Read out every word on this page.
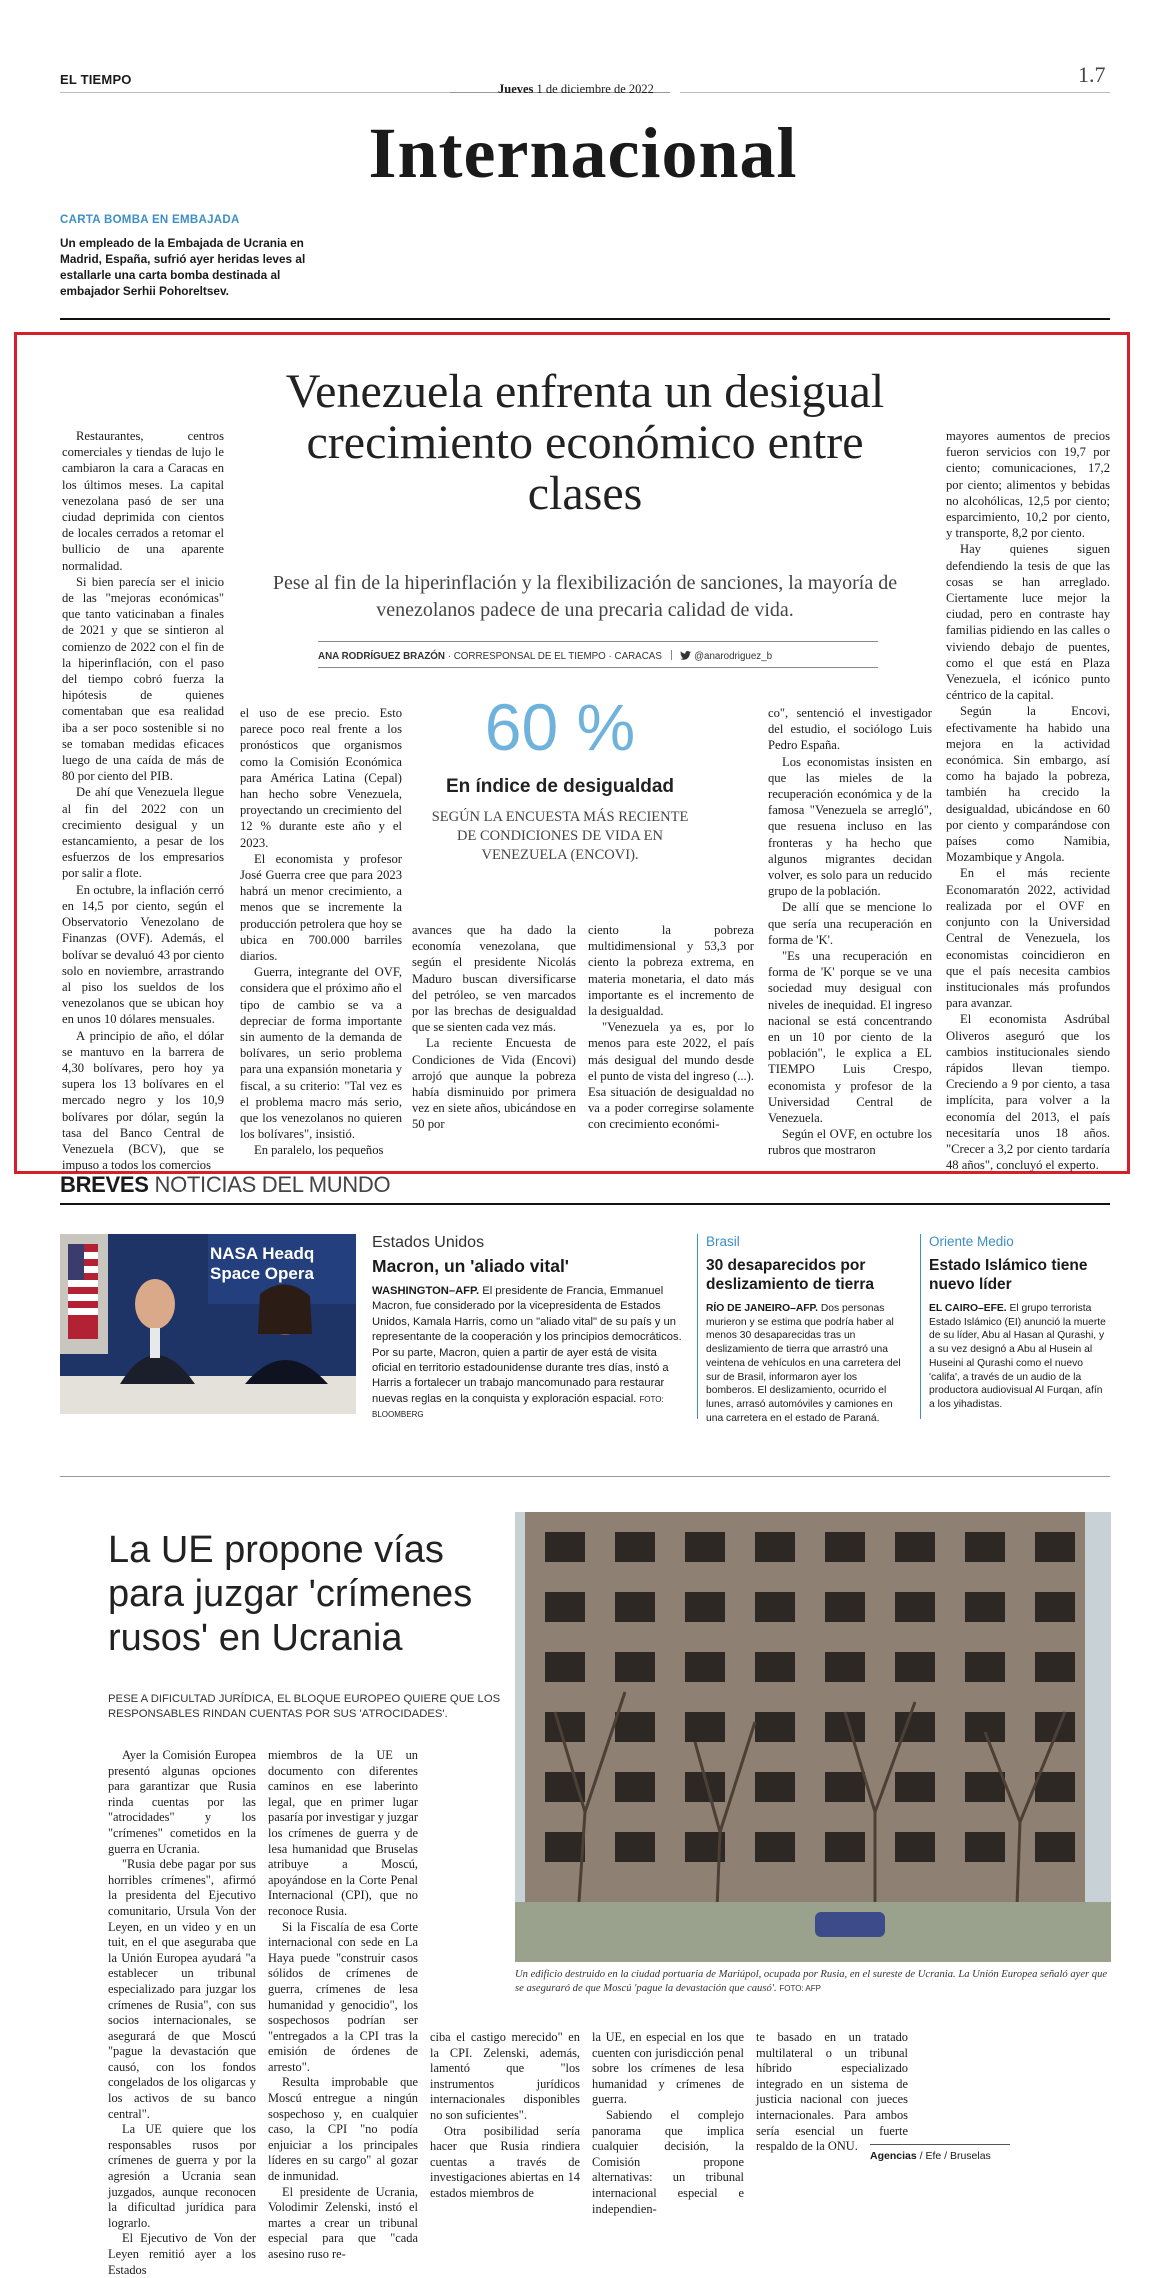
EL TIEMPO
Jueves 1 de diciembre de 2022
1.7
Internacional
CARTA BOMBA EN EMBAJADA
Un empleado de la Embajada de Ucrania en Madrid, España, sufrió ayer heridas leves al estallarle una carta bomba destinada al embajador Serhii Pohoreltsev.
Venezuela enfrenta un desigual crecimiento económico entre clases
Pese al fin de la hiperinflación y la flexibilización de sanciones, la mayoría de venezolanos padece de una precaria calidad de vida.
ANA RODRÍGUEZ BRAZÓN · CORRESPONSAL DE EL TIEMPO · CARACAS	@anarodriguez_b
60 %
En índice de desigualdad
SEGÚN LA ENCUESTA MÁS RECIENTE DE CONDICIONES DE VIDA EN VENEZUELA (ENCOVI).

Restaurantes, centros comerciales y tiendas de lujo le cambiaron la cara a Caracas en los últimos meses. La capital venezolana pasó de ser una ciudad deprimida con cientos de locales cerrados a retomar el bullicio de una aparente normalidad.

Si bien parecía ser el inicio de las "mejoras económicas" que tanto vaticinaban a finales de 2021 y que se sintieron al comienzo de 2022 con el fin de la hiperinflación, con el paso del tiempo cobró fuerza la hipótesis de quienes comentaban que esa realidad iba a ser poco sostenible si no se tomaban medidas eficaces luego de una caída de más de 80 por ciento del PIB.

De ahí que Venezuela llegue al fin del 2022 con un crecimiento desigual y un estancamiento, a pesar de los esfuerzos de los empresarios por salir a flote.

En octubre, la inflación cerró en 14,5 por ciento, según el Observatorio Venezolano de Finanzas (OVF). Además, el bolívar se devaluó 43 por ciento solo en noviembre, arrastrando al piso los sueldos de los venezolanos que se ubican hoy en unos 10 dólares mensuales.

A principio de año, el dólar se mantuvo en la barrera de 4,30 bolívares, pero hoy ya supera los 13 bolívares en el mercado negro y los 10,9 bolívares por dólar, según la tasa del Banco Central de Venezuela (BCV), que se impuso a todos los comercios

el uso de ese precio. Esto parece poco real frente a los pronósticos que organismos como la Comisión Económica para América Latina (Cepal) han hecho sobre Venezuela, proyectando un crecimiento del 12 % durante este año y el 2023.

El economista y profesor José Guerra cree que para 2023 habrá un menor crecimiento, a menos que se incremente la producción petrolera que hoy se ubica en 700.000 barriles diarios.

Guerra, integrante del OVF, considera que el próximo año el tipo de cambio se va a depreciar de forma importante sin aumento de la demanda de bolívares, un serio problema para una expansión monetaria y fiscal, a su criterio: "Tal vez es el problema macro más serio, que los venezolanos no quieren los bolívares", insistió.

En paralelo, los pequeños

avances que ha dado la economía venezolana, que según el presidente Nicolás Maduro buscan diversificarse del petróleo, se ven marcados por las brechas de desigualdad que se sienten cada vez más.

La reciente Encuesta de Condiciones de Vida (Encovi) arrojó que aunque la pobreza había disminuido por primera vez en siete años, ubicándose en 50 por

ciento la pobreza multidimensional y 53,3 por ciento la pobreza extrema, en materia monetaria, el dato más importante es el incremento de la desigualdad.

"Venezuela ya es, por lo menos para este 2022, el país más desigual del mundo desde el punto de vista del ingreso (...). Esa situación de desigualdad no va a poder corregirse solamente con crecimiento económi-

co", sentenció el investigador del estudio, el sociólogo Luis Pedro España.

Los economistas insisten en que las mieles de la recuperación económica y de la famosa "Venezuela se arregló", que resuena incluso en las fronteras y ha hecho que algunos migrantes decidan volver, es solo para un reducido grupo de la población.

De allí que se mencione lo que sería una recuperación en forma de 'K'.

"Es una recuperación en forma de 'K' porque se ve una sociedad muy desigual con niveles de inequidad. El ingreso nacional se está concentrando en un 10 por ciento de la población", le explica a EL TIEMPO Luis Crespo, economista y profesor de la Universidad Central de Venezuela.

Según el OVF, en octubre los rubros que mostraron

mayores aumentos de precios fueron servicios con 19,7 por ciento; comunicaciones, 17,2 por ciento; alimentos y bebidas no alcohólicas, 12,5 por ciento; esparcimiento, 10,2 por ciento, y transporte, 8,2 por ciento.

Hay quienes siguen defendiendo la tesis de que las cosas se han arreglado. Ciertamente luce mejor la ciudad, pero en contraste hay familias pidiendo en las calles o viviendo debajo de puentes, como el que está en Plaza Venezuela, el icónico punto céntrico de la capital.

Según la Encovi, efectivamente ha habido una mejora en la actividad económica. Sin embargo, así como ha bajado la pobreza, también ha crecido la desigualdad, ubicándose en 60 por ciento y comparándose con países como Namibia, Mozambique y Angola.

En el más reciente Economaratón 2022, actividad realizada por el OVF en conjunto con la Universidad Central de Venezuela, los economistas coincidieron en que el país necesita cambios institucionales más profundos para avanzar.

El economista Asdrúbal Oliveros aseguró que los cambios institucionales siendo rápidos llevan tiempo. Creciendo a 9 por ciento, a tasa implícita, para volver a la economía del 2013, el país necesitaría unos 18 años. "Crecer a 3,2 por ciento tardaría 48 años", concluyó el experto.

BREVES NOTICIAS DEL MUNDO
NASA Headq
Space Opera
Estados Unidos
Macron, un 'aliado vital'
WASHINGTON–AFP. El presidente de Francia, Emmanuel Macron, fue considerado por la vicepresidenta de Estados Unidos, Kamala Harris, como un "aliado vital" de su país y un representante de la cooperación y los principios democráticos. Por su parte, Macron, quien a partir de ayer está de visita oficial en territorio estadounidense durante tres días, instó a Harris a fortalecer un trabajo mancomunado para restaurar nuevas reglas en la conquista y exploración espacial. FOTO: BLOOMBERG
Brasil
30 desaparecidos por deslizamiento de tierra
RÍO DE JANEIRO–AFP. Dos personas murieron y se estima que podría haber al menos 30 desaparecidas tras un deslizamiento de tierra que arrastró una veintena de vehículos en una carretera del sur de Brasil, informaron ayer los bomberos. El deslizamiento, ocurrido el lunes, arrasó automóviles y camiones en una carretera en el estado de Paraná.
Oriente Medio
Estado Islámico tiene nuevo líder
EL CAIRO–EFE. El grupo terrorista Estado Islámico (EI) anunció la muerte de su líder, Abu al Hasan al Qurashi, y a su vez designó a Abu al Husein al Huseini al Qurashi como el nuevo 'califa', a través de un audio de la productora audiovisual Al Furqan, afín a los yihadistas.
La UE propone vías para juzgar 'crímenes rusos' en Ucrania
PESE A DIFICULTAD JURÍDICA, EL BLOQUE EUROPEO QUIERE QUE LOS RESPONSABLES RINDAN CUENTAS POR SUS 'ATROCIDADES'.
Un edificio destruido en la ciudad portuaria de Mariúpol, ocupada por Rusia, en el sureste de Ucrania. La Unión Europea señaló ayer que se aseguraró de que Moscú 'pague la devastación que causó'. FOTO: AFP

Ayer la Comisión Europea presentó algunas opciones para garantizar que Rusia rinda cuentas por las "atrocidades" y los "crímenes" cometidos en la guerra en Ucrania.

"Rusia debe pagar por sus horribles crímenes", afirmó la presidenta del Ejecutivo comunitario, Ursula Von der Leyen, en un video y en un tuit, en el que aseguraba que la Unión Europea ayudará "a establecer un tribunal especializado para juzgar los crímenes de Rusia", con sus socios internacionales, se asegurará de que Moscú "pague la devastación que causó, con los fondos congelados de los oligarcas y los activos de su banco central".

La UE quiere que los responsables rusos por crímenes de guerra y por la agresión a Ucrania sean juzgados, aunque reconocen la dificultad jurídica para lograrlo.

El Ejecutivo de Von der Leyen remitió ayer a los Estados

miembros de la UE un documento con diferentes caminos en ese laberinto legal, que en primer lugar pasaría por investigar y juzgar los crímenes de guerra y de lesa humanidad que Bruselas atribuye a Moscú, apoyándose en la Corte Penal Internacional (CPI), que no reconoce Rusia.

Si la Fiscalía de esa Corte internacional con sede en La Haya puede "construir casos sólidos de crímenes de guerra, crímenes de lesa humanidad y genocidio", los sospechosos podrían ser "entregados a la CPI tras la emisión de órdenes de arresto".

Resulta improbable que Moscú entregue a ningún sospechoso y, en cualquier caso, la CPI "no podía enjuiciar a los principales líderes en su cargo" al gozar de inmunidad.

El presidente de Ucrania, Volodimir Zelenski, instó el martes a crear un tribunal especial para que "cada asesino ruso re-

ciba el castigo merecido" en la CPI. Zelenski, además, lamentó que "los instrumentos jurídicos internacionales disponibles no son suficientes".

Otra posibilidad sería hacer que Rusia rindiera cuentas a través de investigaciones abiertas en 14 estados miembros de

la UE, en especial en los que cuenten con jurisdicción penal sobre los crímenes de lesa humanidad y crímenes de guerra.

Sabiendo el complejo panorama que implica cualquier decisión, la Comisión propone alternativas: un tribunal internacional especial e independien-

te basado en un tratado multilateral o un tribunal híbrido especializado integrado en un sistema de justicia nacional con jueces internacionales. Para ambos sería esencial un fuerte respaldo de la ONU.

Agencias / Efe / Bruselas
